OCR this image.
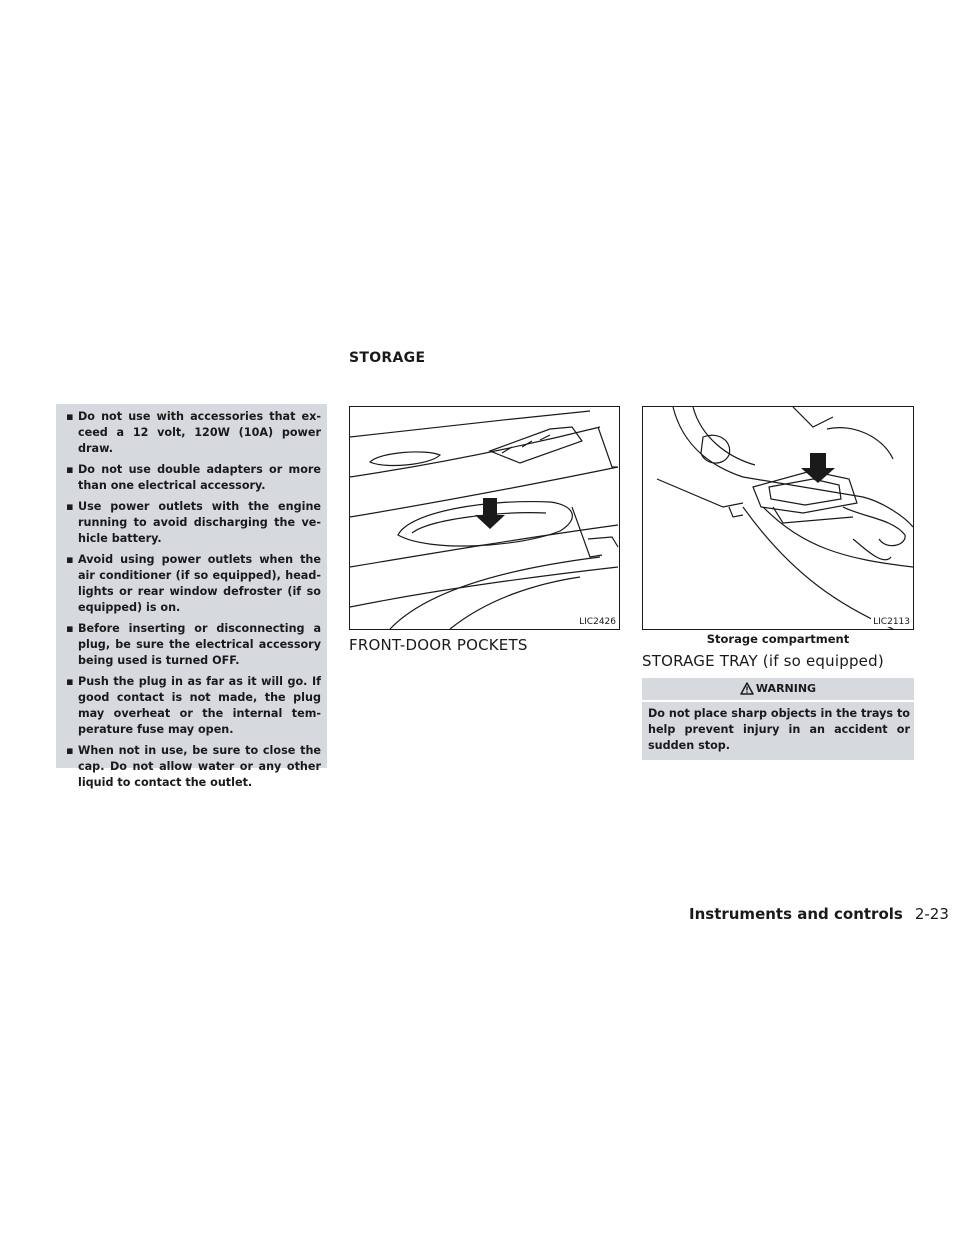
STORAGE
▪ Do not use with accessories that ex- ceed a 12 volt, 120W (10A) power draw.
▪ Do not use double adapters or more than one electrical accessory.
▪ Use power outlets with the engine running to avoid discharging the ve- hicle battery.
▪ Avoid using power outlets when the air conditioner (if so equipped), head- lights or rear window defroster (if so equipped) is on.
▪ Before inserting or disconnecting a plug, be sure the electrical accessory being used is turned OFF.
▪ Push the plug in as far as it will go. If good contact is not made, the plug may overheat or the internal tem- perature fuse may open.
▪ When not in use, be sure to close the cap. Do not allow water or any other liquid to contact the outlet.
LIC2426	LIC2113
Storage compartment
FRONT-DOOR POCKETS
STORAGE TRAY (if so equipped)
WARNING
Do not place sharp objects in the trays to help prevent injury in an accident or sudden stop.
Instruments and controls 2-23
